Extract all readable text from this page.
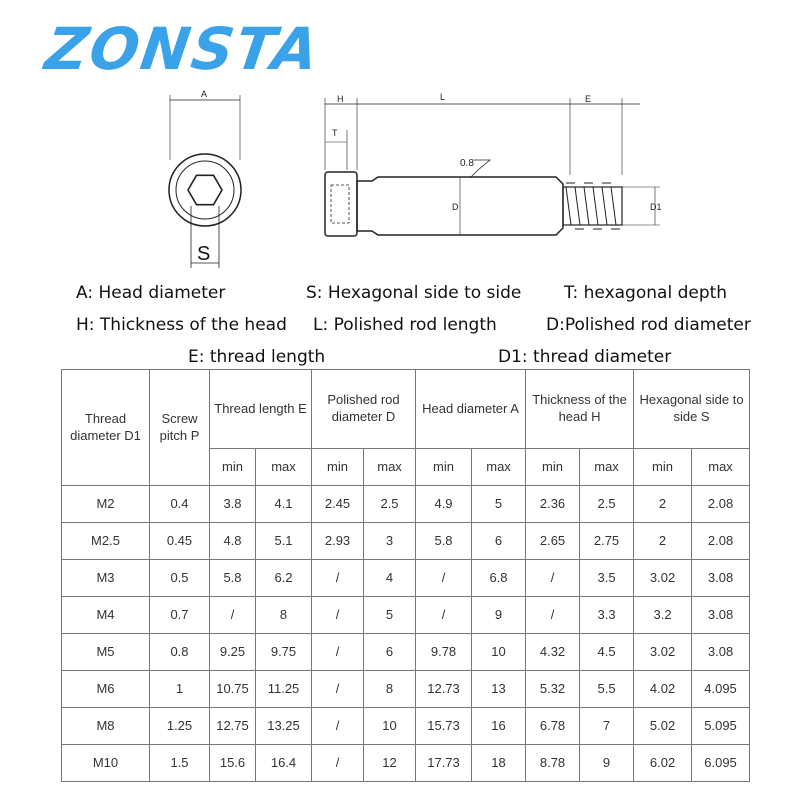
ZONSTA
A
S
H	L	E
T
0.8
D	D1
A: Head diameter	S: Hexagonal side to side	T: hexagonal depth
H: Thickness of the head L: Polished rod length	D:Polished rod diameter
E: thread length	D1: thread diameter
Thread diameter D1	Screw pitch P	Thread length E		Polished rod diameter D		Head diameter A		Thickness of the head H		Hexagonal side to side S	
		min	max	min	max	min	max	min	max	min	max
M2	0.4	3.8	4.1	2.45	2.5	4.9	5	2.36	2.5	2	2.08
M2.5	0.45	4.8	5.1	2.93	3	5.8	6	2.65	2.75	2	2.08
M3	0.5	5.8	6.2	/	4	/	6.8	/	3.5	3.02	3.08
M4	0.7	/	8	/	5	/	9	/	3.3	3.2	3.08
M5	0.8	9.25	9.75	/	6	9.78	10	4.32	4.5	3.02	3.08
M6	1	10.75	11.25	/	8	12.73	13	5.32	5.5	4.02	4.095
M8	1.25	12.75	13.25	/	10	15.73	16	6.78	7	5.02	5.095
M10	1.5	15.6	16.4	/	12	17.73	18	8.78	9	6.02	6.095
